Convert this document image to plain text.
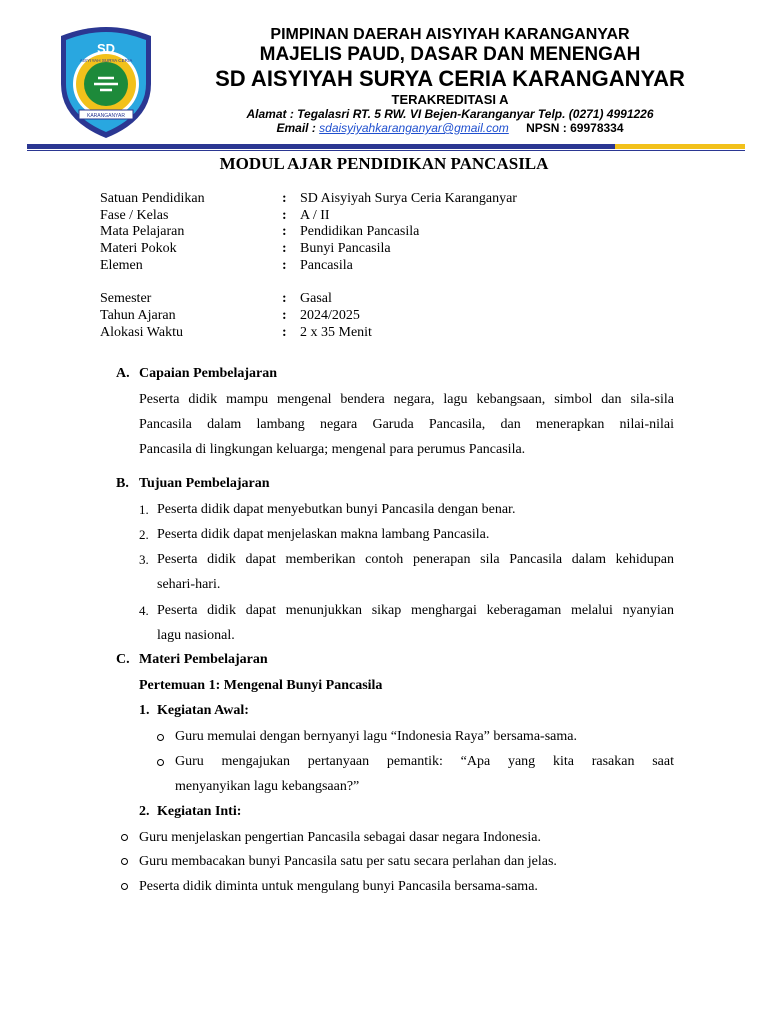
KARANGANYAR
SD
AISYIYAH SURYA CERIA
PIMPINAN DAERAH AISYIYAH KARANGANYAR
MAJELIS PAUD, DASAR DAN MENENGAH
SD AISYIYAH SURYA CERIA KARANGANYAR
TERAKREDITASI A
Alamat : Tegalasri RT. 5 RW. VI Bejen-Karanganyar Telp. (0271) 4991226
Email : sdaisyiyahkaranganyar@gmail.com NPSN : 69978334
MODUL AJAR PENDIDIKAN PANCASILA
Satuan Pendidikan	: SD Aisyiyah Surya Ceria Karanganyar
Fase / Kelas	: A / II
Mata Pelajaran	: Pendidikan Pancasila
Materi Pokok	: Bunyi Pancasila
Elemen	: Pancasila
Semester	: Gasal
Tahun Ajaran	: 2024/2025
Alokasi Waktu	: 2 x 35 Menit
A. Capaian Pembelajaran
Peserta didik mampu mengenal bendera negara, lagu kebangsaan, simbol dan sila-sila
Pancasila dalam lambang negara Garuda Pancasila, dan menerapkan nilai-nilai
Pancasila di lingkungan keluarga; mengenal para perumus Pancasila.
B. Tujuan Pembelajaran
1. Peserta didik dapat menyebutkan bunyi Pancasila dengan benar.
2. Peserta didik dapat menjelaskan makna lambang Pancasila.
3. Peserta didik dapat memberikan contoh penerapan sila Pancasila dalam kehidupan
sehari-hari.
4. Peserta didik dapat menunjukkan sikap menghargai keberagaman melalui nyanyian
lagu nasional.
C. Materi Pembelajaran
Pertemuan 1: Mengenal Bunyi Pancasila
1. Kegiatan Awal:
Guru memulai dengan bernyanyi lagu “Indonesia Raya” bersama-sama.
Guru mengajukan pertanyaan pemantik: “Apa yang kita rasakan saat
menyanyikan lagu kebangsaan?”
2. Kegiatan Inti:
Guru menjelaskan pengertian Pancasila sebagai dasar negara Indonesia.
Guru membacakan bunyi Pancasila satu per satu secara perlahan dan jelas.
Peserta didik diminta untuk mengulang bunyi Pancasila bersama-sama.
